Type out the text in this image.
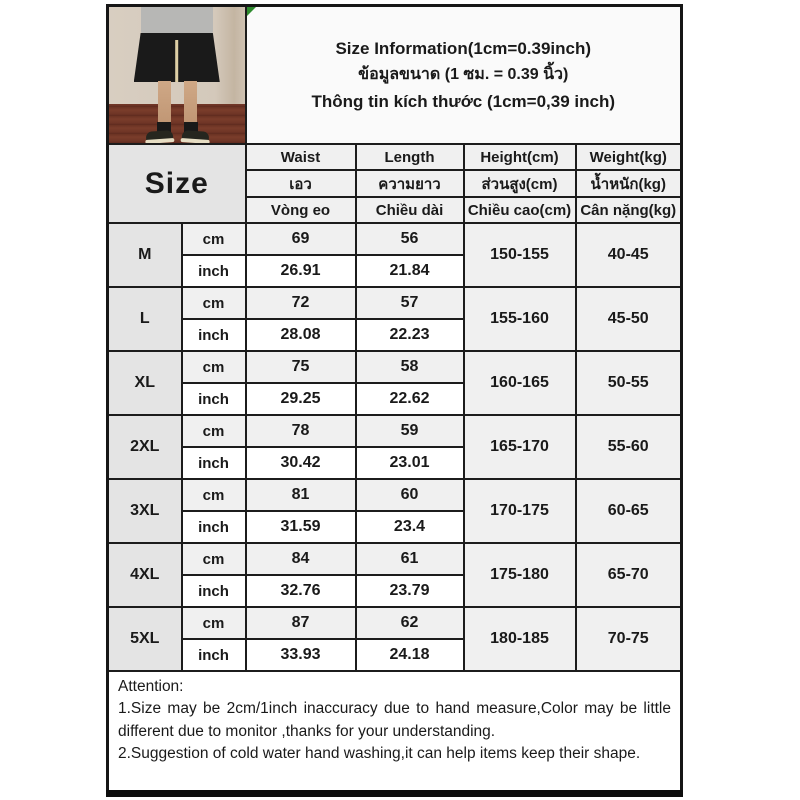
		Size Information(1cm=0.39inch)
ข้อมูลขนาด (1 ซม. = 0.39 นิ้ว)
Thông tin kích thước (1cm=0,39 inch)			

Size		Waist	Length	Height(cm)	Weight(kg)
		เอว	ความยาว	ส่วนสูง(cm)	น้ำหนัก(kg)
		Vòng eo	Chiều dài	Chiều cao(cm)	Cân nặng(kg)
M	cm	69	56	150-155	40-45
	inch	26.91	21.84		
L	cm	72	57	155-160	45-50
	inch	28.08	22.23		
XL	cm	75	58	160-165	50-55
	inch	29.25	22.62		
2XL	cm	78	59	165-170	55-60
	inch	30.42	23.01		
3XL	cm	81	60	170-175	60-65
	inch	31.59	23.4		
4XL	cm	84	61	175-180	65-70
	inch	32.76	23.79		
5XL	cm	87	62	180-185	70-75
	inch	33.93	24.18		

Attention:

1.Size may be 2cm/1inch inaccuracy due to hand measure,Color may be little different due to monitor ,thanks for your understanding.

2.Suggestion of cold water hand washing,it can help items keep their shape.					
